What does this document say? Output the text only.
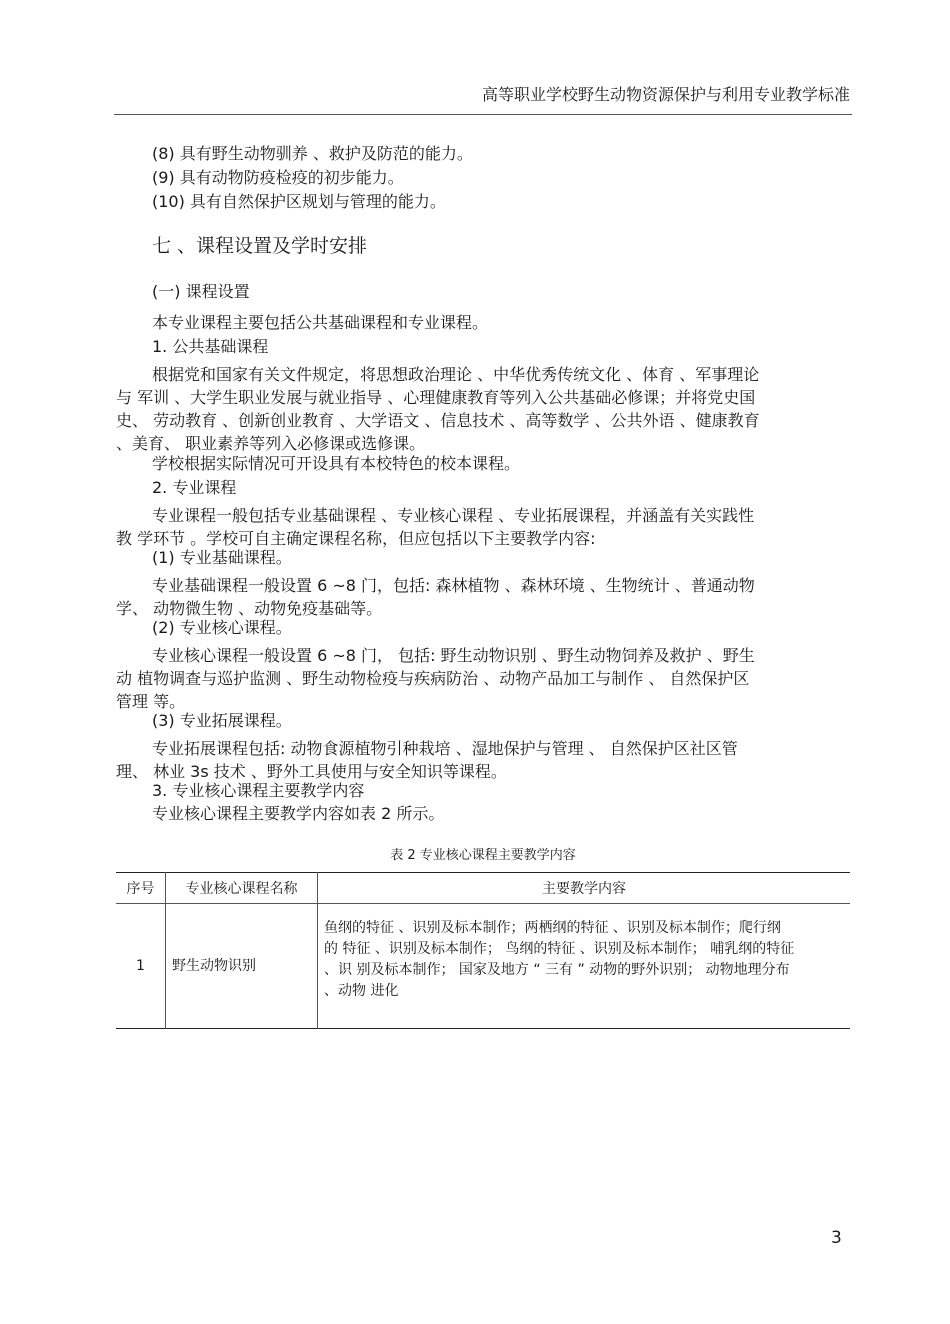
高等职业学校野生动物资源保护与利用专业教学标准
(8) 具有野生动物驯养 、救护及防范的能力。
(9) 具有动物防疫检疫的初步能力。
(10) 具有自然保护区规划与管理的能力。
七 、课程设置及学时安排
(一) 课程设置
本专业课程主要包括公共基础课程和专业课程。
1. 公共基础课程
根据党和国家有关文件规定，将思想政治理论 、中华优秀传统文化 、体育 、军事理论
与 军训 、大学生职业发展与就业指导 、心理健康教育等列入公共基础必修课；并将党史国
史、 劳动教育 、创新创业教育 、大学语文 、信息技术 、高等数学 、公共外语 、健康教育
、美育、 职业素养等列入必修课或选修课。
学校根据实际情况可开设具有本校特色的校本课程。
2. 专业课程
专业课程一般包括专业基础课程 、专业核心课程 、专业拓展课程，并涵盖有关实践性
教 学环节 。学校可自主确定课程名称，但应包括以下主要教学内容:
(1) 专业基础课程。
专业基础课程一般设置 6 ~8 门，包括: 森林植物 、森林环境 、生物统计 、普通动物
学、 动物微生物 、动物免疫基础等。
(2) 专业核心课程。
专业核心课程一般设置 6 ~8 门， 包括: 野生动物识别 、野生动物饲养及救护 、野生
动 植物调查与巡护监测 、野生动物检疫与疾病防治 、动物产品加工与制作 、 自然保护区
管理 等。
(3) 专业拓展课程。
专业拓展课程包括: 动物食源植物引种栽培 、湿地保护与管理 、 自然保护区社区管
理、 林业 3s 技术 、野外工具使用与安全知识等课程。
3. 专业核心课程主要教学内容
专业核心课程主要教学内容如表 2 所示。
表 2 专业核心课程主要教学内容
序号	专业核心课程名称	主要教学内容
1	野生动物识别	鱼纲的特征 、识别及标本制作；两栖纲的特征 、识别及标本制作；爬行纲
的 特征 、识别及标本制作； 鸟纲的特征 、识别及标本制作； 哺乳纲的特征
、识 别及标本制作； 国家及地方 “ 三有 ” 动物的野外识别； 动物地理分布
、动物 进化
3
